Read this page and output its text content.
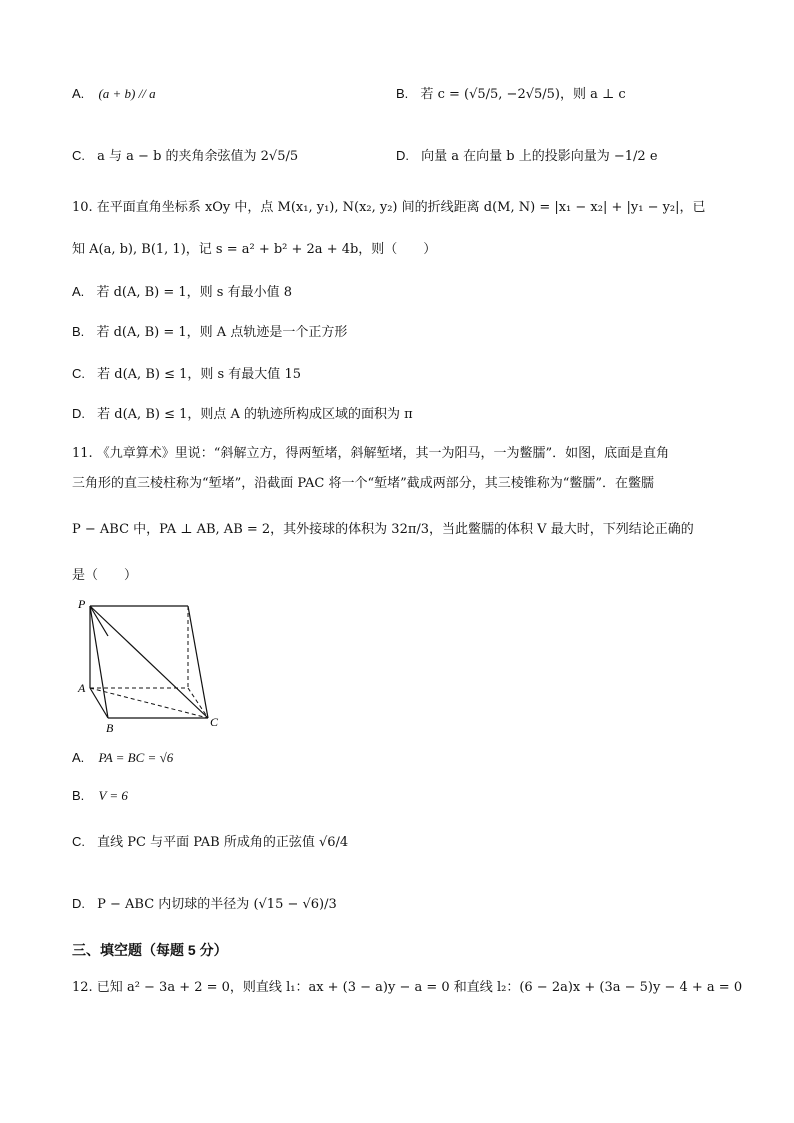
A. (a + b) // a	B. 若 c = (√5/5, −2√5/5)，则 a ⊥ c
C. a 与 a − b 的夹角余弦值为 2√5/5	D. 向量 a 在向量 b 上的投影向量为 −1/2 e
10. 在平面直角坐标系 xOy 中，点 M(x₁, y₁), N(x₂, y₂) 间的折线距离 d(M, N) = |x₁ − x₂| + |y₁ − y₂|，已
知 A(a, b), B(1, 1)，记 s = a² + b² + 2a + 4b，则（　　）
A. 若 d(A, B) = 1，则 s 有最小值 8
B. 若 d(A, B) = 1，则 A 点轨迹是一个正方形
C. 若 d(A, B) ≤ 1，则 s 有最大值 15
D. 若 d(A, B) ≤ 1，则点 A 的轨迹所构成区域的面积为 π
11. 《九章算术》里说：“斜解立方，得两堑堵，斜解堑堵，其一为阳马，一为鳖臑”．如图，底面是直角
三角形的直三棱柱称为“堑堵”，沿截面 PAC 将一个“堑堵”截成两部分，其三棱锥称为“鳖臑”．在鳖臑
P − ABC 中，PA ⊥ AB, AB = 2，其外接球的体积为 32π/3，当此鳖臑的体积 V 最大时，下列结论正确的
是（　　）
P
A
B	C
A. PA = BC = √6
B. V = 6
C. 直线 PC 与平面 PAB 所成角的正弦值 √6/4
D. P − ABC 内切球的半径为 (√15 − √6)/3
三、填空题（每题 5 分）
12. 已知 a² − 3a + 2 = 0，则直线 l₁：ax + (3 − a)y − a = 0 和直线 l₂：(6 − 2a)x + (3a − 5)y − 4 + a = 0
